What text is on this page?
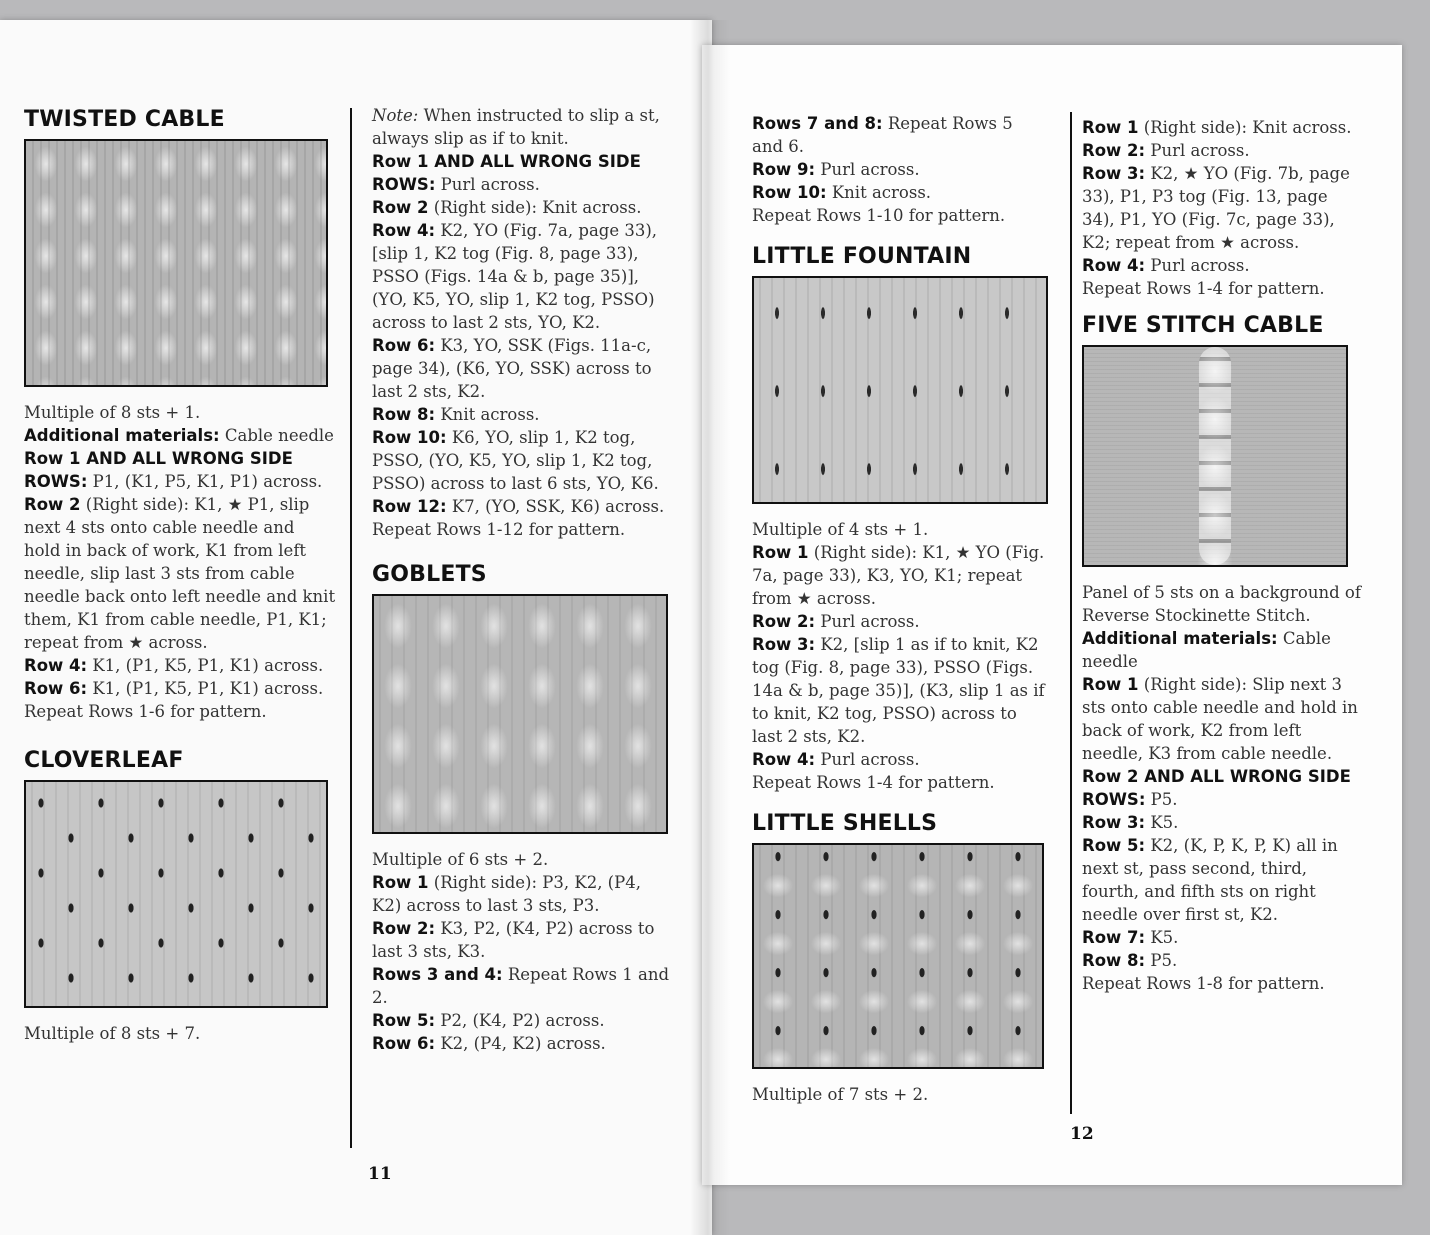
TWISTED CABLE

Multiple of 8 sts + 1.

Additional materials: Cable needle

Row 1 AND ALL WRONG SIDE ROWS: P1, (K1, P5, K1, P1) across.

Row 2 (Right side): K1, ★ P1, slip next 4 sts onto cable needle and hold in back of work, K1 from left needle, slip last 3 sts from cable needle back onto left needle and knit them, K1 from cable needle, P1, K1; repeat from ★ across.

Row 4: K1, (P1, K5, P1, K1) across.

Row 6: K1, (P1, K5, P1, K1) across.

Repeat Rows 1-6 for pattern.

CLOVERLEAF

Multiple of 8 sts + 7.

Note: When instructed to slip a st, always slip as if to knit.

Row 1 AND ALL WRONG SIDE ROWS: Purl across.

Row 2 (Right side): Knit across.

Row 4: K2, YO (Fig. 7a, page 33), [slip 1, K2 tog (Fig. 8, page 33), PSSO (Figs. 14a & b, page 35)], (YO, K5, YO, slip 1, K2 tog, PSSO) across to last 2 sts, YO, K2.

Row 6: K3, YO, SSK (Figs. 11a-c, page 34), (K6, YO, SSK) across to last 2 sts, K2.

Row 8: Knit across.

Row 10: K6, YO, slip 1, K2 tog, PSSO, (YO, K5, YO, slip 1, K2 tog, PSSO) across to last 6 sts, YO, K6.

Row 12: K7, (YO, SSK, K6) across.

Repeat Rows 1-12 for pattern.

GOBLETS

Multiple of 6 sts + 2.

Row 1 (Right side): P3, K2, (P4, K2) across to last 3 sts, P3.

Row 2: K3, P2, (K4, P2) across to last 3 sts, K3.

Rows 3 and 4: Repeat Rows 1 and 2.

Row 5: P2, (K4, P2) across.

Row 6: K2, (P4, K2) across.

11

Rows 7 and 8: Repeat Rows 5 and 6.

Row 9: Purl across.

Row 10: Knit across.

Repeat Rows 1-10 for pattern.

LITTLE FOUNTAIN

Multiple of 4 sts + 1.

Row 1 (Right side): K1, ★ YO (Fig. 7a, page 33), K3, YO, K1; repeat from ★ across.

Row 2: Purl across.

Row 3: K2, [slip 1 as if to knit, K2 tog (Fig. 8, page 33), PSSO (Figs. 14a & b, page 35)], (K3, slip 1 as if to knit, K2 tog, PSSO) across to last 2 sts, K2.

Row 4: Purl across.

Repeat Rows 1-4 for pattern.

LITTLE SHELLS

Multiple of 7 sts + 2.

Row 1 (Right side): Knit across.

Row 2: Purl across.

Row 3: K2, ★ YO (Fig. 7b, page 33), P1, P3 tog (Fig. 13, page 34), P1, YO (Fig. 7c, page 33), K2; repeat from ★ across.

Row 4: Purl across.

Repeat Rows 1-4 for pattern.

FIVE STITCH CABLE

Panel of 5 sts on a background of Reverse Stockinette Stitch.

Additional materials: Cable needle

Row 1 (Right side): Slip next 3 sts onto cable needle and hold in back of work, K2 from left needle, K3 from cable needle.

Row 2 AND ALL WRONG SIDE ROWS: P5.

Row 3: K5.

Row 5: K2, (K, P, K, P, K) all in next st, pass second, third, fourth, and fifth sts on right needle over first st, K2.

Row 7: K5.

Row 8: P5.

Repeat Rows 1-8 for pattern.

12
